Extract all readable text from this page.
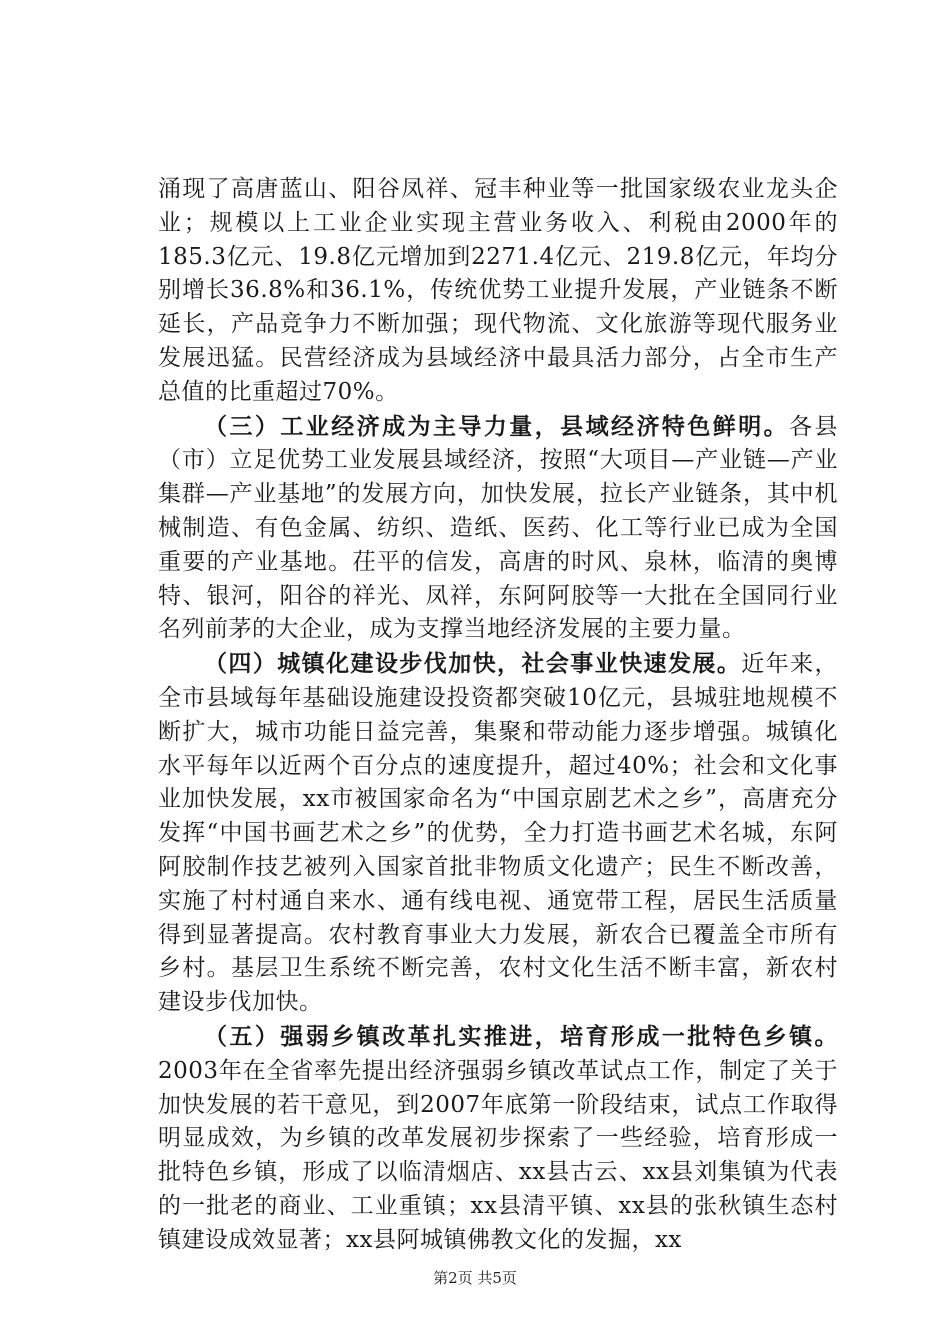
涌现了高唐蓝山、阳谷凤祥、冠丰种业等一批国家级农业龙头企业；规模以上工业企业实现主营业务收入、利税由2000年的185.3亿元、19.8亿元增加到2271.4亿元、219.8亿元，年均分别增长36.8%和36.1%，传统优势工业提升发展，产业链条不断延长，产品竞争力不断加强；现代物流、文化旅游等现代服务业发展迅猛。民营经济成为县域经济中最具活力部分，占全市生产总值的比重超过70%。

（三）工业经济成为主导力量，县域经济特色鲜明。各县（市）立足优势工业发展县域经济，按照“大项目—产业链—产业集群—产业基地”的发展方向，加快发展，拉长产业链条，其中机械制造、有色金属、纺织、造纸、医药、化工等行业已成为全国重要的产业基地。茌平的信发，高唐的时风、泉林，临清的奥博特、银河，阳谷的祥光、凤祥，东阿阿胶等一大批在全国同行业名列前茅的大企业，成为支撑当地经济发展的主要力量。

（四）城镇化建设步伐加快，社会事业快速发展。近年来，全市县域每年基础设施建设投资都突破10亿元，县城驻地规模不断扩大，城市功能日益完善，集聚和带动能力逐步增强。城镇化水平每年以近两个百分点的速度提升，超过40%；社会和文化事业加快发展，xx市被国家命名为“中国京剧艺术之乡”，高唐充分发挥“中国书画艺术之乡”的优势，全力打造书画艺术名城，东阿阿胶制作技艺被列入国家首批非物质文化遗产；民生不断改善，实施了村村通自来水、通有线电视、通宽带工程，居民生活质量得到显著提高。农村教育事业大力发展，新农合已覆盖全市所有乡村。基层卫生系统不断完善，农村文化生活不断丰富，新农村建设步伐加快。

（五）强弱乡镇改革扎实推进，培育形成一批特色乡镇。2003年在全省率先提出经济强弱乡镇改革试点工作，制定了关于加快发展的若干意见，到2007年底第一阶段结束，试点工作取得明显成效，为乡镇的改革发展初步探索了一些经验，培育形成一批特色乡镇，形成了以临清烟店、xx县古云、xx县刘集镇为代表的一批老的商业、工业重镇；xx县清平镇、xx县的张秋镇生态村镇建设成效显著；xx县阿城镇佛教文化的发掘，xx

第2页 共5页
